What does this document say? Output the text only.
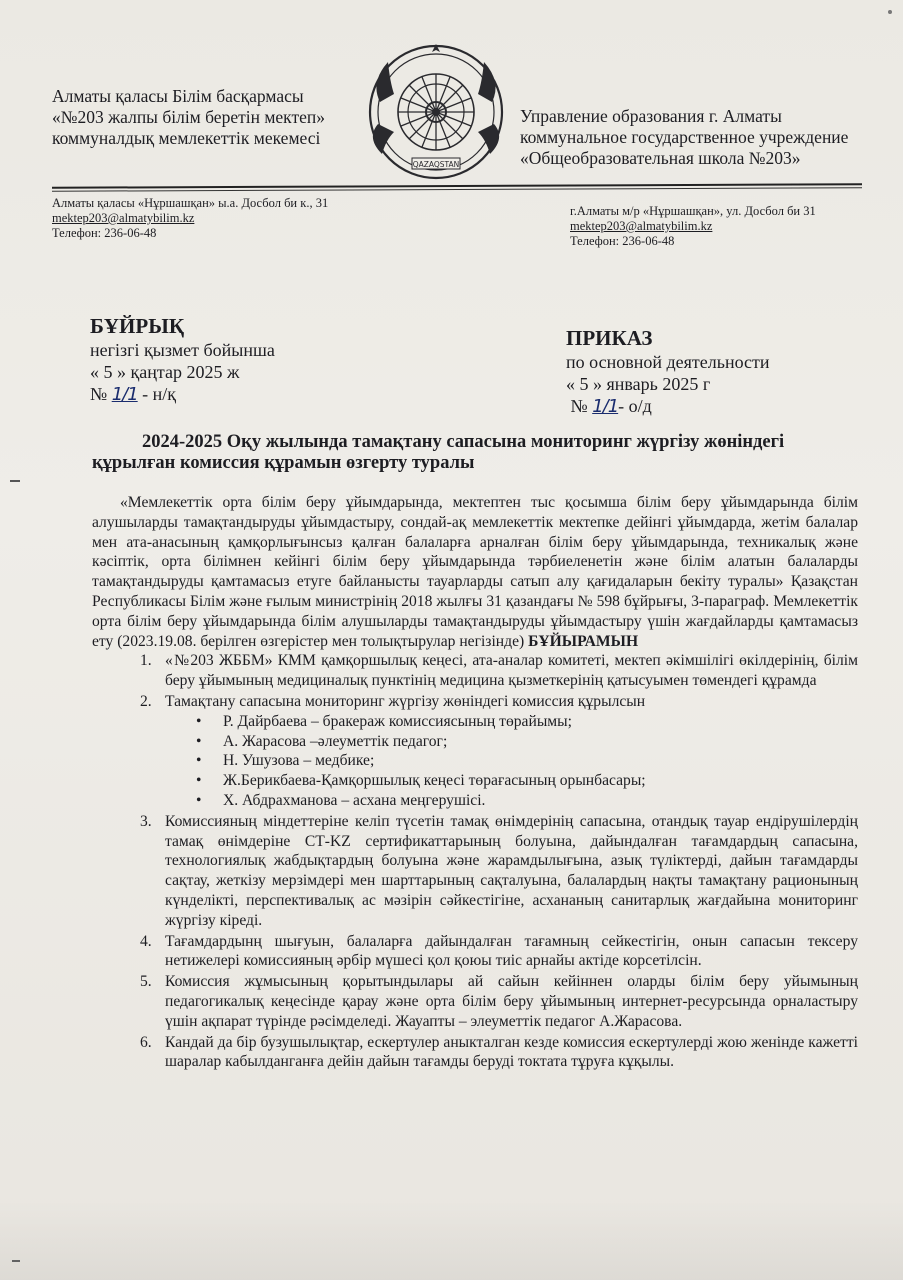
Алматы қаласы Білім басқармасы
«№203 жалпы білім беретін мектеп»
коммуналдық мемлекеттік мекемесі
QAZAQSTAN
Управление образования г. Алматы
коммунальное государственное учреждение
«Общеобразовательная школа №203»
Алматы қаласы «Нұршашқан» ы.а. Досбол би к., 31
mektep203@almatybilim.kz
Телефон: 236-06-48
г.Алматы м/р «Нұршашқан», ул. Досбол би 31
mektep203@almatybilim.kz
Телефон: 236-06-48
БҰЙРЫҚ
негізгі қызмет бойынша
« 5 » қаңтар 2025 ж
№ 1/1 - н/қ
ПРИКАЗ
по основной деятельности
« 5 » январь 2025 г
№ 1/1- о/д
2024-2025 Оқу жылында тамақтану сапасына мониторинг жүргізу жөніндегі
құрылған комиссия құрамын өзгерту туралы

«Мемлекеттік орта білім беру ұйымдарында, мектептен тыс қосымша білім беру ұйымдарында білім алушыларды тамақтандыруды ұйымдастыру, сондай-ақ мемлекеттік мектепке дейінгі ұйымдарда, жетім балалар мен ата-анасының қамқорлығынсыз қалған балаларға арналған білім беру ұйымдарында, техникалық және кәсіптік, орта білімнен кейінгі білім беру ұйымдарында тәрбиеленетін және білім алатын балаларды тамақтандыруды қамтамасыз етуге байланысты тауарларды сатып алу қағидаларын бекіту туралы» Қазақстан Республикасы Білім және ғылым министрінің 2018 жылғы 31 қазандағы № 598 бұйрығы, 3-параграф. Мемлекеттік орта білім беру ұйымдарында білім алушыларды тамақтандыруды ұйымдастыру үшін жағдайларды қамтамасыз ету (2023.19.08. берілген өзгерістер мен толықтырулар негізінде) БҰЙЫРАМЫН

1. «№203 ЖББМ» КММ қамқоршылық кеңесі, ата-аналар комитеті, мектеп әкімшілігі өкілдерінің, білім беру ұйымының медициналық пунктінің медицина қызметкерінің қатысуымен төмендегі құрамда
2. Тамақтану сапасына мониторинг жүргізу жөніндегі комиссия құрылсын
• Р. Дайрбаева – бракераж комиссиясының төрайымы;
• А. Жарасова –әлеуметтік педагог;
• Н. Ушузова – медбике;
• Ж.Берикбаева-Қамқоршылық кеңесі төрағасының орынбасары;
• Х. Абдрахманова – асхана меңгерушісі.
3. Комиссияның міндеттеріне келіп түсетін тамақ өнімдерінің сапасына, отандық тауар ендірушілердің тамақ өнімдеріне СТ-KZ сертификаттарының болуына, дайындалған тағамдардың сапасына, технологиялық жабдықтардың болуына және жарамдылығына, азық түліктерді, дайын тағамдарды сақтау, жеткізу мерзімдері мен шарттарының сақталуына, балалардың нақты тамақтану рационының күнделікті, перспективалық ас мәзірін сәйкестігіне, асхананың санитарлық жағдайына мониторинг жүргізу кіреді.
4. Тағамдардынң шығуын, балаларға дайындалған тағамның сейкестігін, онын сапасын тексеру нетижелері комиссияның әрбір мүшесі қол қоюы тиіс арнайы актіде корсетілсін.
5. Комиссия жұмысының қорытындылары ай сайын кейіннен оларды білім беру уйымының педагогикалық кеңесінде қарау және орта білім беру ұйымының интернет-ресурсында орналастыру үшін ақпарат түрінде рәсімделеді. Жауапты – элеуметтік педагог А.Жарасова.
6. Кандай да бір бузушылықтар, ескертулер аныкталган кезде комиссия ескертулерді жою женінде кажетті шаралар кабылданганға дейін дайын тағамды беруді токтата тұруға кұқылы.
